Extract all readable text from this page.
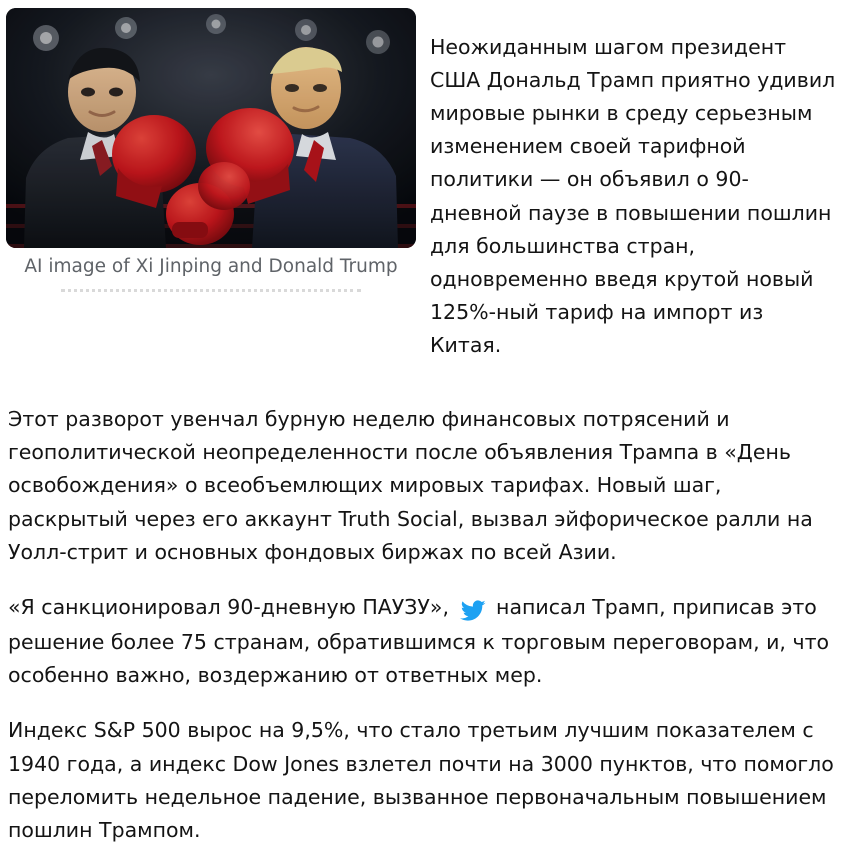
AI image of Xi Jinping and Donald Trump

Неожиданным шагом президент США Дональд Трамп приятно удивил мировые рынки в среду серьезным изменением своей тарифной политики — он объявил о 90-дневной паузе в повышении пошлин для большинства стран, одновременно введя крутой новый 125%-ный тариф на импорт из Китая.

Этот разворот увенчал бурную неделю финансовых потрясений и геополитической неопределенности после объявления Трампа в «День освобождения» о всеобъемлющих мировых тарифах. Новый шаг, раскрытый через его аккаунт Truth Social, вызвал эйфорическое ралли на Уолл-стрит и основных фондовых биржах по всей Азии.

«Я санкционировал 90-дневную ПАУЗУ», написал Трамп, приписав это решение более 75 странам, обратившимся к торговым переговорам, и, что особенно важно, воздержанию от ответных мер.

Индекс S&P 500 вырос на 9,5%, что стало третьим лучшим показателем с 1940 года, а индекс Dow Jones взлетел почти на 3000 пунктов, что помогло переломить недельное падение, вызванное первоначальным повышением пошлин Трампом.
